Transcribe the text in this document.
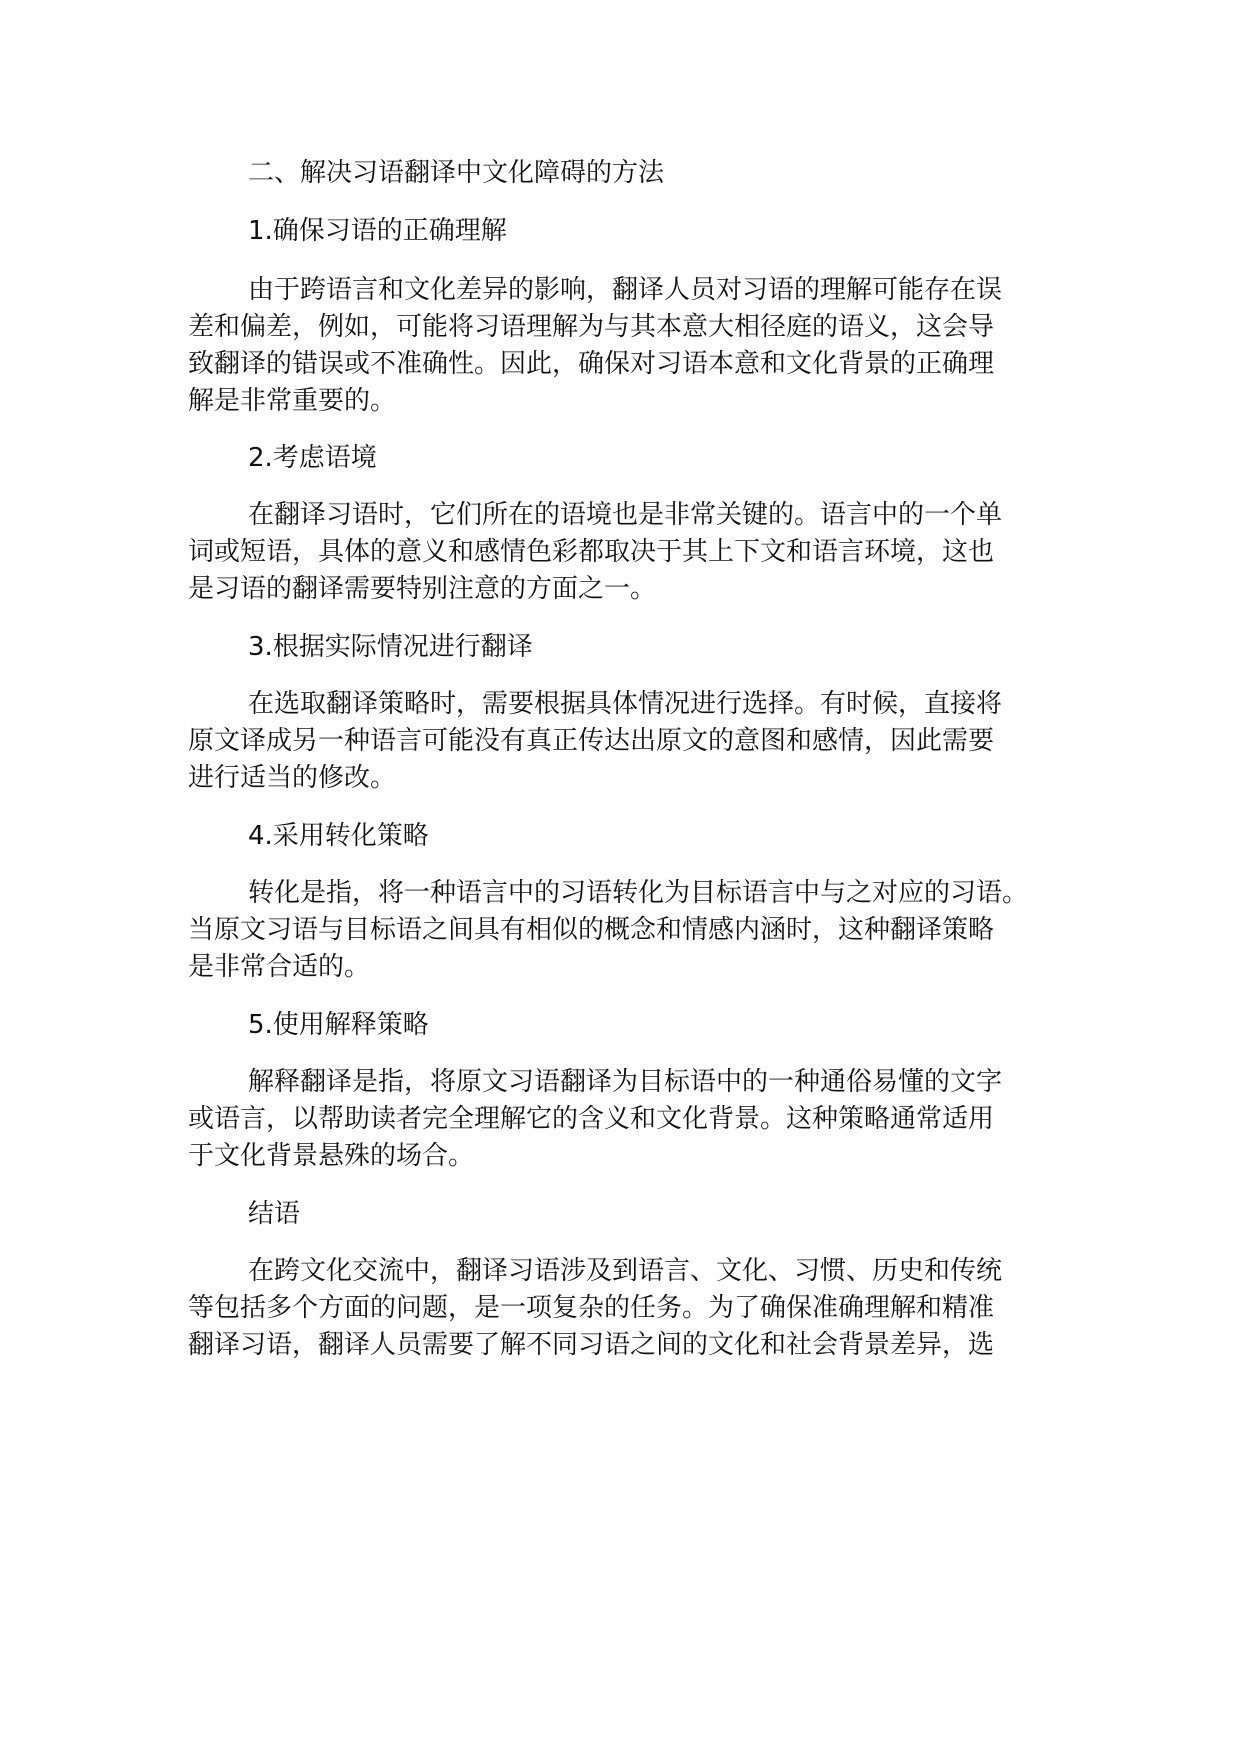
二、解决习语翻译中文化障碍的方法

1.确保习语的正确理解

由于跨语言和文化差异的影响，翻译人员对习语的理解可能存在误
差和偏差，例如，可能将习语理解为与其本意大相径庭的语义，这会导
致翻译的错误或不准确性。因此，确保对习语本意和文化背景的正确理
解是非常重要的。

2.考虑语境

在翻译习语时，它们所在的语境也是非常关键的。语言中的一个单
词或短语，具体的意义和感情色彩都取决于其上下文和语言环境，这也
是习语的翻译需要特别注意的方面之一。

3.根据实际情况进行翻译

在选取翻译策略时，需要根据具体情况进行选择。有时候，直接将
原文译成另一种语言可能没有真正传达出原文的意图和感情，因此需要
进行适当的修改。

4.采用转化策略

转化是指，将一种语言中的习语转化为目标语言中与之对应的习语。
当原文习语与目标语之间具有相似的概念和情感内涵时，这种翻译策略
是非常合适的。

5.使用解释策略

解释翻译是指，将原文习语翻译为目标语中的一种通俗易懂的文字
或语言，以帮助读者完全理解它的含义和文化背景。这种策略通常适用
于文化背景悬殊的场合。

结语

在跨文化交流中，翻译习语涉及到语言、文化、习惯、历史和传统
等包括多个方面的问题，是一项复杂的任务。为了确保准确理解和精准
翻译习语，翻译人员需要了解不同习语之间的文化和社会背景差异，选
